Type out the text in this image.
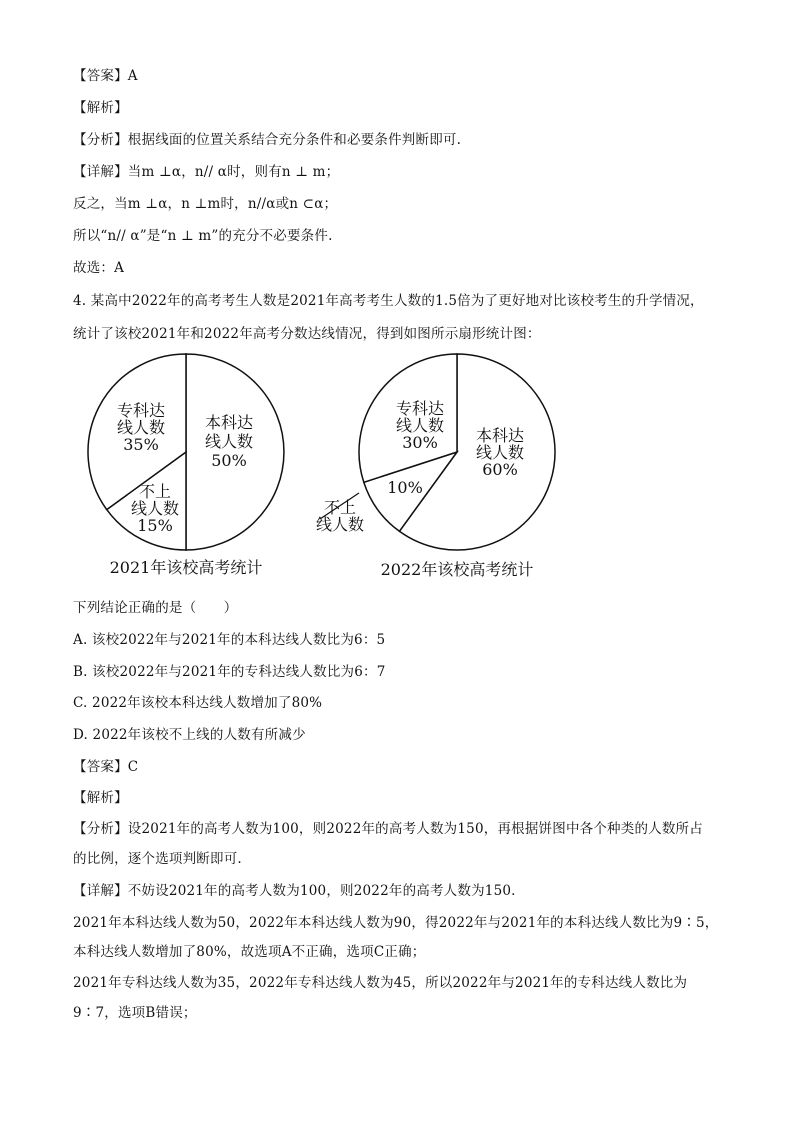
【答案】A
【解析】
【分析】根据线面的位置关系结合充分条件和必要条件判断即可.
【详解】当m ⊥α，n// α时，则有n ⊥ m；
反之，当m ⊥α，n ⊥m时，n//α或n ⊂α；
所以“n// α”是“n ⊥ m”的充分不必要条件.
故选：A
4. 某高中2022年的高考考生人数是2021年高考考生人数的1.5倍为了更好地对比该校考生的升学情况，
统计了该校2021年和2022年高考分数达线情况，得到如图所示扇形统计图：
本科达
线人数
50%
不上
线人数
15%
专科达
线人数
35%
2021年该校高考统计
本科达
线人数
60%
不上
线人数
10%
专科达
线人数
30%
2022年该校高考统计
下列结论正确的是（　　）
A. 该校2022年与2021年的本科达线人数比为6：5
B. 该校2022年与2021年的专科达线人数比为6：7
C. 2022年该校本科达线人数增加了80%
D. 2022年该校不上线的人数有所减少
【答案】C
【解析】
【分析】设2021年的高考人数为100，则2022年的高考人数为150，再根据饼图中各个种类的人数所占
的比例，逐个选项判断即可.
【详解】不妨设2021年的高考人数为100，则2022年的高考人数为150.
2021年本科达线人数为50，2022年本科达线人数为90，得2022年与2021年的本科达线人数比为9∶5，
本科达线人数增加了80%，故选项A不正确，选项C正确；
2021年专科达线人数为35，2022年专科达线人数为45，所以2022年与2021年的专科达线人数比为
9∶7，选项B错误；
